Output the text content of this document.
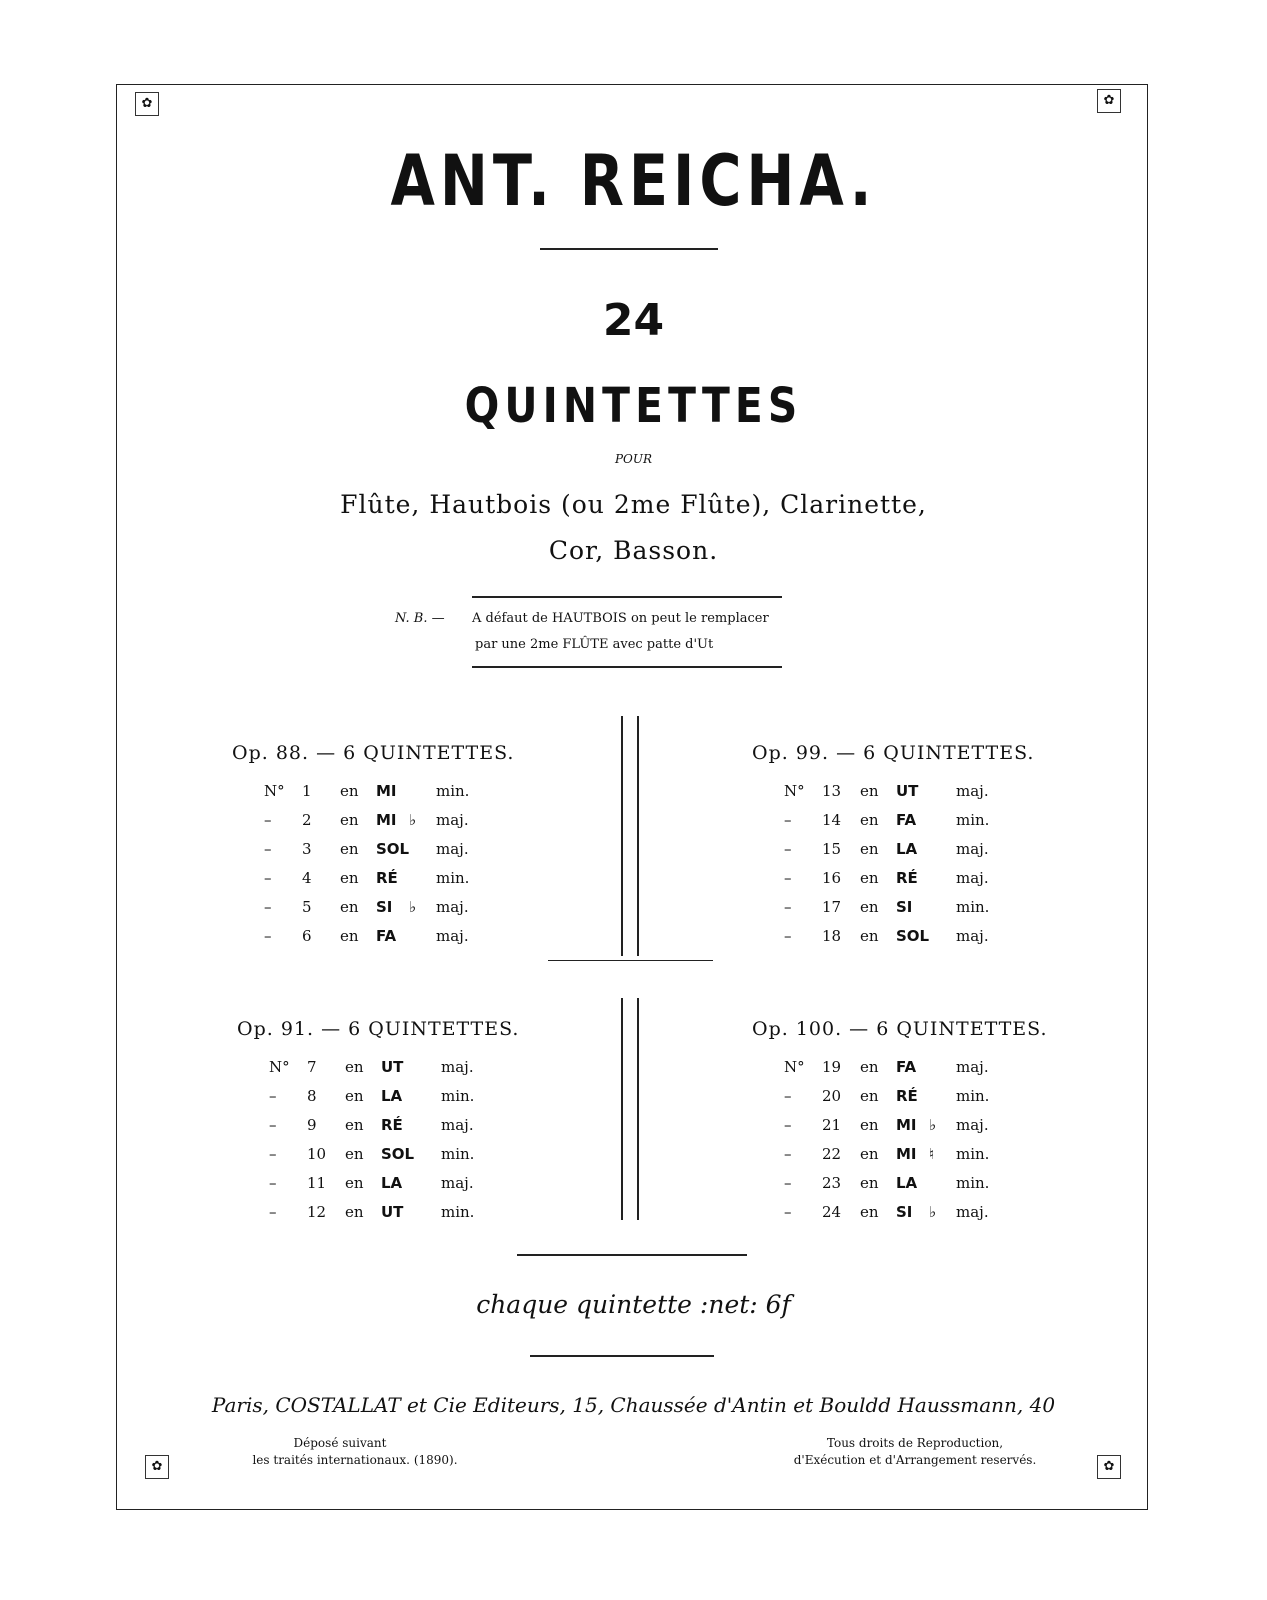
✿	✿
✿	✿
ANT. REICHA.
24
QUINTETTES
POUR
Flûte, Hautbois (ou 2me Flûte), Clarinette,
Cor, Basson.
N. B. — A défaut de HAUTBOIS on peut le remplacer
par une 2me FLÛTE avec patte d'Ut
Op. 88. — 6 QUINTETTES.
N° 1 en MI	min.
– 2 en MI ♭ maj.
– 3 en SOL maj.
– 4 en RÉ	min.
– 5 en SI ♭ maj.
– 6 en FA	maj.
Op. 99. — 6 QUINTETTES.
N° 13 en UT	maj.
– 14 en FA	min.
– 15 en LA	maj.
– 16 en RÉ	maj.
– 17 en SI	min.
– 18 en SOL maj.
Op. 91. — 6 QUINTETTES.
N° 7 en UT	maj.
– 8 en LA	min.
– 9 en RÉ	maj.
– 10 en SOL min.
– 11 en LA	maj.
– 12 en UT	min.
Op. 100. — 6 QUINTETTES.
N° 19 en FA	maj.
– 20 en RÉ	min.
– 21 en MI ♭ maj.
– 22 en MI ♮ min.
– 23 en LA	min.
– 24 en SI ♭ maj.
chaque quintette :net: 6f
Paris, COSTALLAT et Cie Editeurs, 15, Chaussée d'Antin et Bouldd Haussmann, 40
Déposé suivant
les traités internationaux. (1890).
Tous droits de Reproduction,
d'Exécution et d'Arrangement reservés.
